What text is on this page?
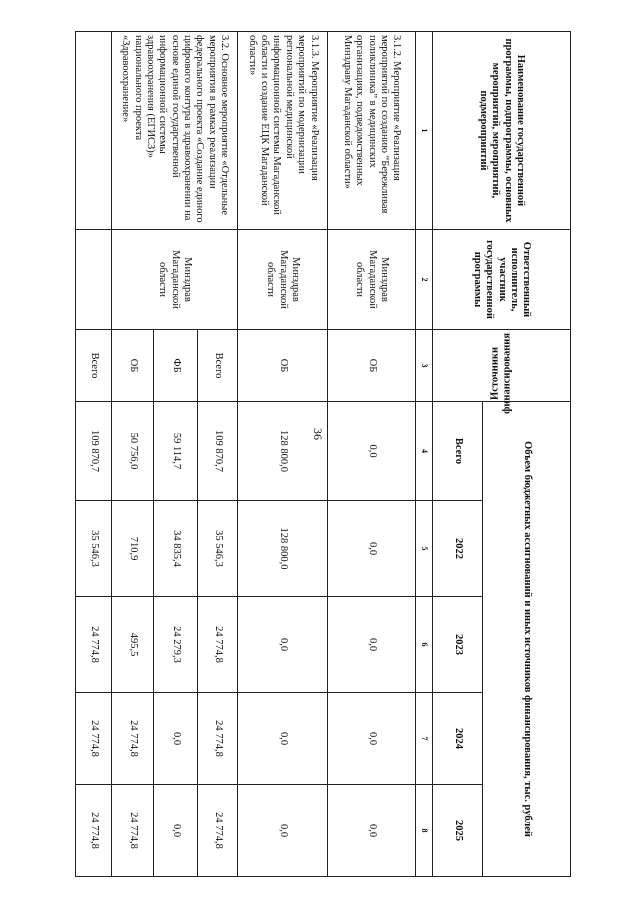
36
Наименование государственной программы, подпрограммы, основных мероприятий, мероприятий, подмероприятий	Ответственный исполнитель, участник государственной программы	Источники финансирования	Объем бюджетных ассигнований и иных источников финансирования, тыс. рублей				
			Всего	2022	2023	2024	2025
1	2	3	4	5	6	7	8
3.1.2. Мероприятие «Реализация мероприятий по созданию “Бережливая поликлиника” в медицинских организациях, подведомственных Минздраву Магаданской области»	Минздрав Магаданской области	ОБ	0,0	0,0	0,0	0,0	0,0
3.1.3. Мероприятие «Реализация мероприятий по модернизации региональной медицинской информационной системы Магаданской области и создание ЕЦК Магаданской области»	Минздрав Магаданской области	ОБ	128 800,0	128 800,0	0,0	0,0	0,0
3.2. Основное мероприятие «Отдельные мероприятия в рамках реализации федерального проекта «Создание единого цифрового контура в здравоохранении на основе единой государственной информационной системы здравоохранения (ЕГИСЗ)» национального проекта «Здравоохранение»	Минздрав Магаданской области	Всего	109 870,7	35 546,3	24 774,8	24 774,8	24 774,8
		ФБ	59 114,7	34 835,4	24 279,3	0,0	0,0
		ОБ	50 756,0	710,9	495,5	24 774,8	24 774,8
		Всего	109 870,7	35 546,3	24 774,8	24 774,8	24 774,8
